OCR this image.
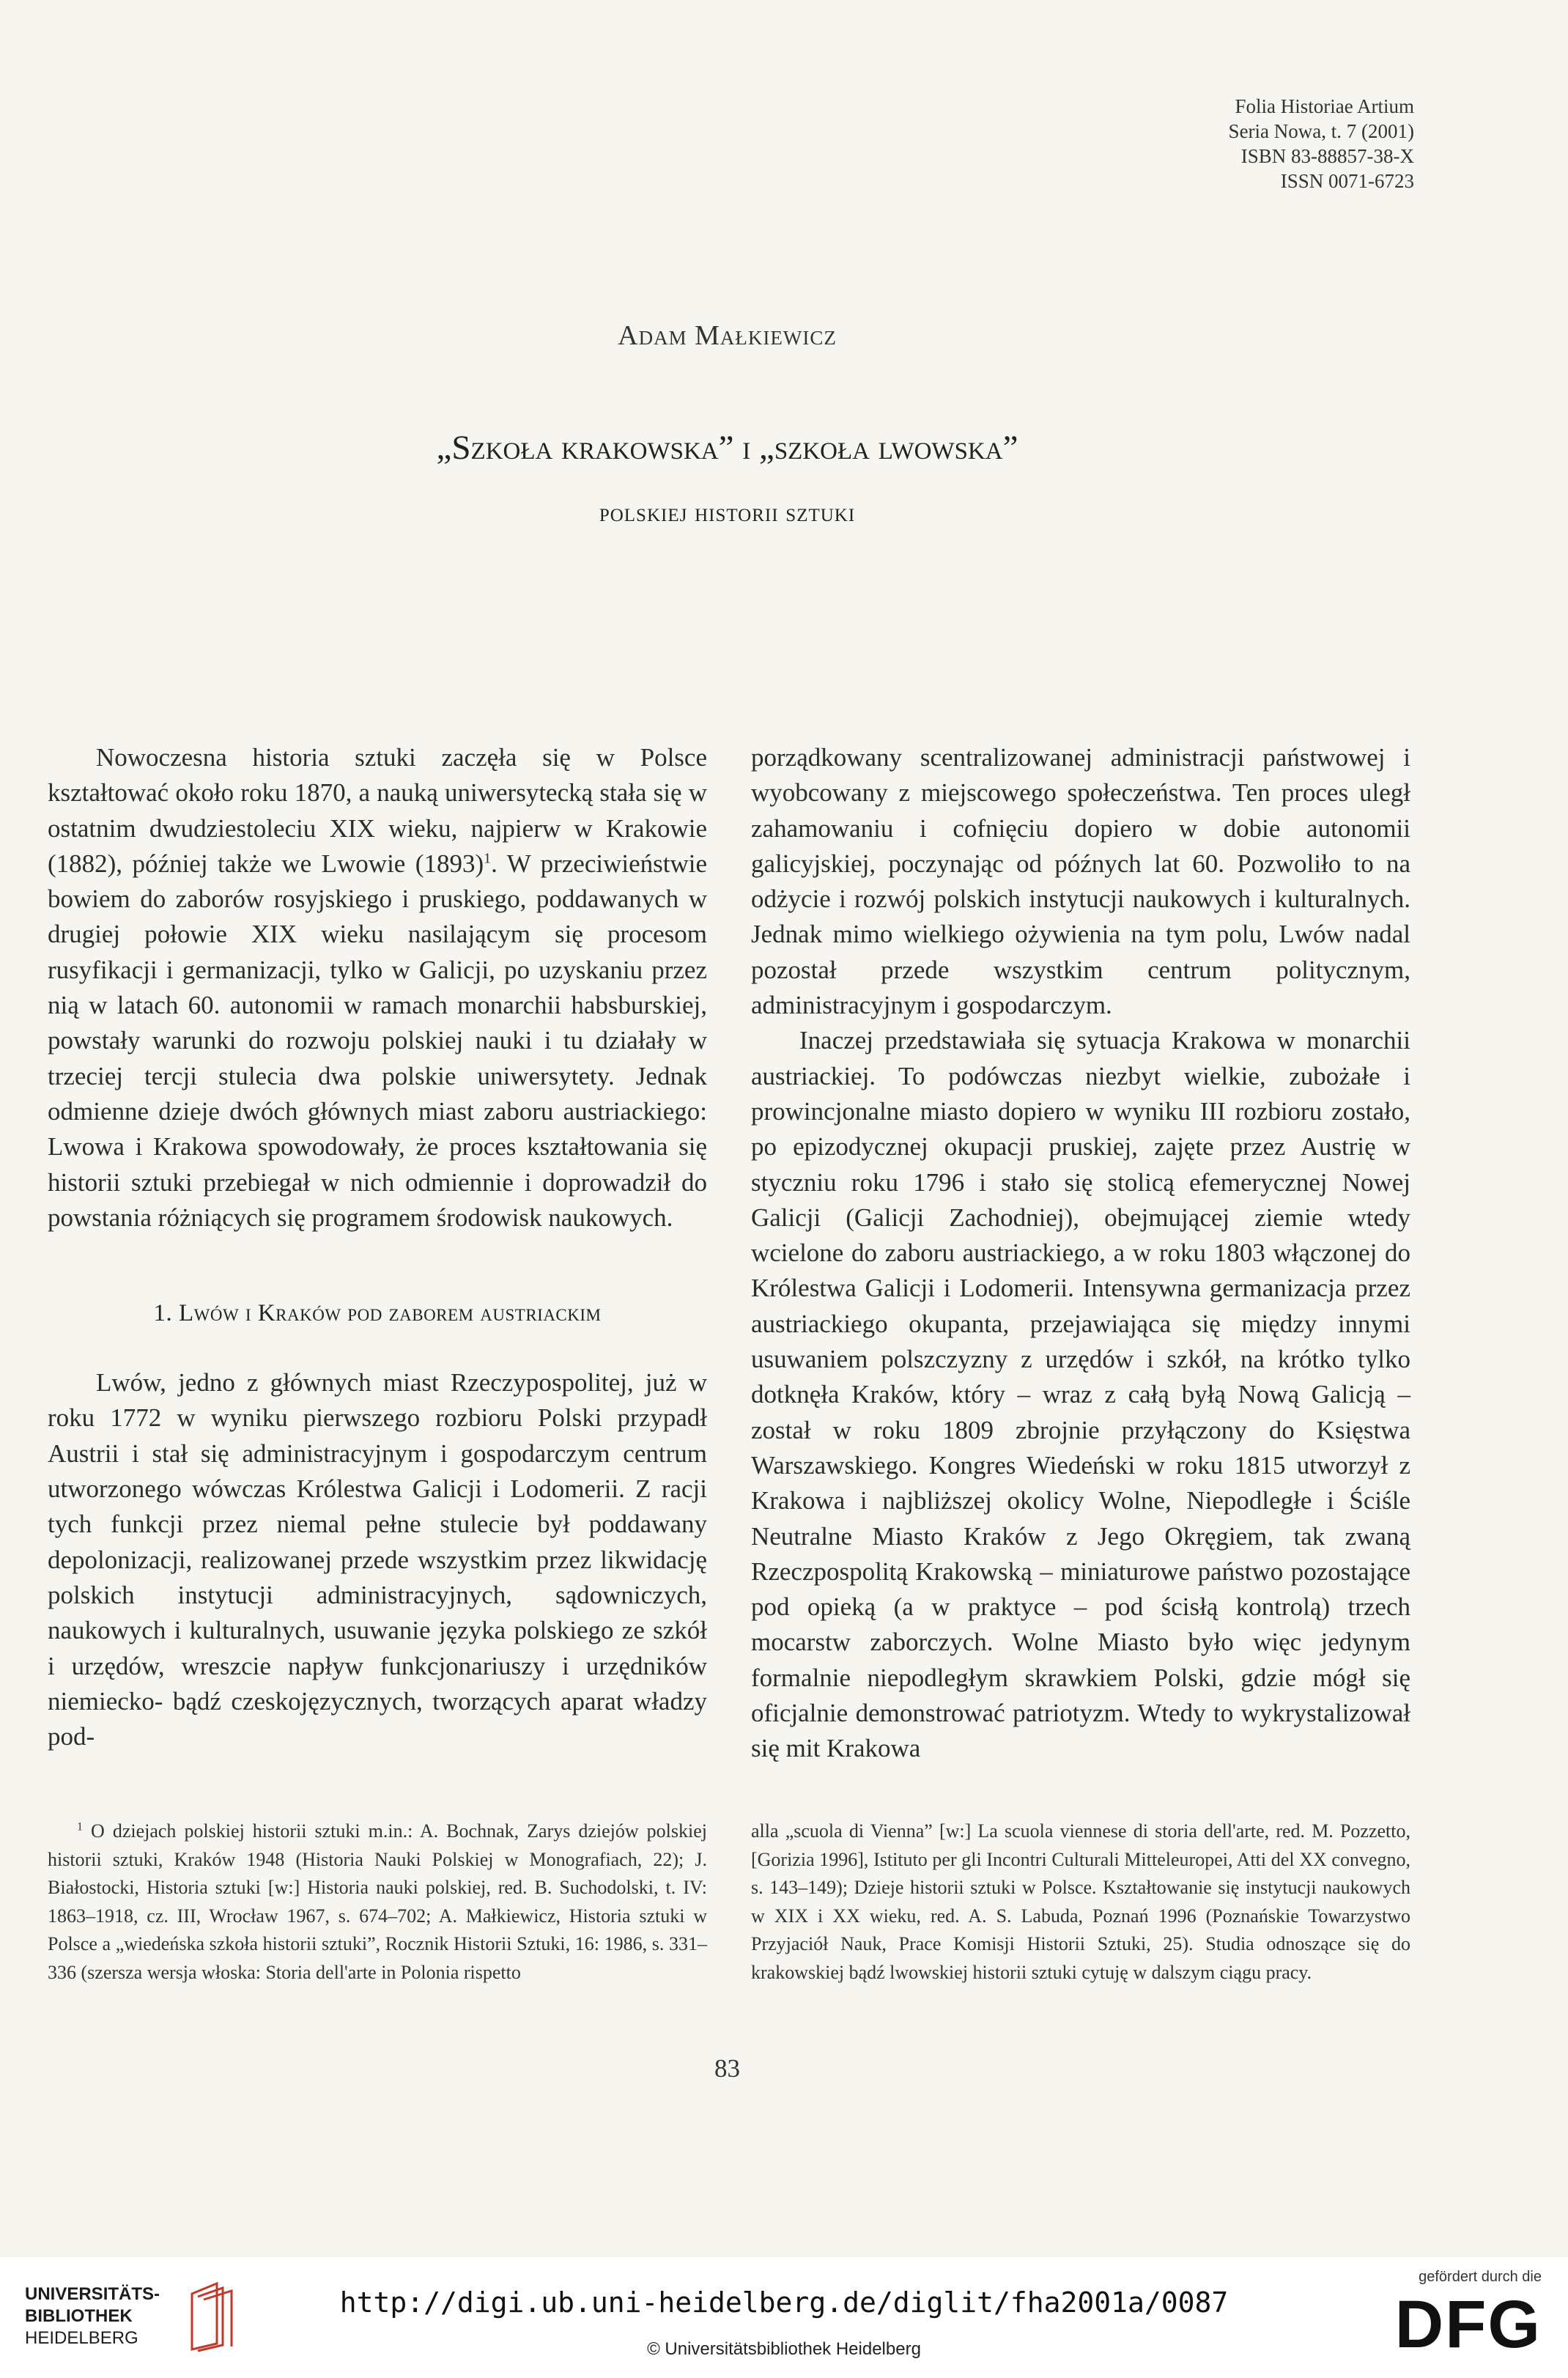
Folia Historiae Artium
Seria Nowa, t. 7 (2001)
ISBN 83-88857-38-X
ISSN 0071-6723
Adam Małkiewicz
„Szkoła krakowska” i „szkoła lwowska”
polskiej historii sztuki

Nowoczesna historia sztuki zaczęła się w Polsce kształtować około roku 1870, a nauką uniwersytecką stała się w ostatnim dwudziestoleciu XIX wieku, najpierw w Krakowie (1882), później także we Lwowie $(1893)^1$. W przeciwieństwie bowiem do zaborów rosyjskiego i pruskiego, poddawanych w drugiej połowie XIX wieku nasilającym się procesom rusyfikacji i germanizacji, tylko w Galicji, po uzyskaniu przez nią w latach 60. autonomii w ramach monarchii habsburskiej, powstały warunki do rozwoju polskiej nauki i tu działały w trzeciej tercji stulecia dwa polskie uniwersytety. Jednak odmienne dzieje dwóch głównych miast zaboru austriackiego: Lwowa i Krakowa spowodowały, że proces kształtowania się historii sztuki przebiegał w nich odmiennie i doprowadził do powstania różniących się programem środowisk naukowych.

1. Lwów i Kraków pod zaborem austriackim

Lwów, jedno z głównych miast Rzeczypospolitej, już w roku 1772 w wyniku pierwszego rozbioru Polski przypadł Austrii i stał się administracyjnym i gospodarczym centrum utworzonego wówczas Królestwa Galicji i Lodomerii. Z racji tych funkcji przez niemal pełne stulecie był poddawany depolonizacji, realizowanej przede wszystkim przez likwidację polskich instytucji administracyjnych, sądowniczych, naukowych i kulturalnych, usuwanie języka polskiego ze szkół i urzędów, wreszcie napływ funkcjonariuszy i urzędników niemiecko- bądź czeskojęzycznych, tworzących aparat władzy pod-

porządkowany scentralizowanej administracji państwowej i wyobcowany z miejscowego społeczeństwa. Ten proces uległ zahamowaniu i cofnięciu dopiero w dobie autonomii galicyjskiej, poczynając od późnych lat 60. Pozwoliło to na odżycie i rozwój polskich instytucji naukowych i kulturalnych. Jednak mimo wielkiego ożywienia na tym polu, Lwów nadal pozostał przede wszystkim centrum politycznym, administracyjnym i gospodarczym.

Inaczej przedstawiała się sytuacja Krakowa w monarchii austriackiej. To podówczas niezbyt wielkie, zubożałe i prowincjonalne miasto dopiero w wyniku III rozbioru zostało, po epizodycznej okupacji pruskiej, zajęte przez Austrię w styczniu roku 1796 i stało się stolicą efemerycznej Nowej Galicji (Galicji Zachodniej), obejmującej ziemie wtedy wcielone do zaboru austriackiego, a w roku 1803 włączonej do Królestwa Galicji i Lodomerii. Intensywna germanizacja przez austriackiego okupanta, przejawiająca się między innymi usuwaniem polszczyzny z urzędów i szkół, na krótko tylko dotknęła Kraków, który – wraz z całą byłą Nową Galicją – został w roku 1809 zbrojnie przyłączony do Księstwa Warszawskiego. Kongres Wiedeński w roku 1815 utworzył z Krakowa i najbliższej okolicy Wolne, Niepodległe i Ściśle Neutralne Miasto Kraków z Jego Okręgiem, tak zwaną Rzeczpospolitą Krakowską – miniaturowe państwo pozostające pod opieką (a w praktyce – pod ścisłą kontrolą) trzech mocarstw zaborczych. Wolne Miasto było więc jedynym formalnie niepodległym skrawkiem Polski, gdzie mógł się oficjalnie demonstrować patriotyzm. Wtedy to wykrystalizował się mit Krakowa

$^1$ O dziejach polskiej historii sztuki m.in.: A. Bochnak, Zarys dziejów polskiej historii sztuki, Kraków 1948 (Historia Nauki Polskiej w Monografiach, 22); J. Białostocki, Historia sztuki [w:] Historia nauki polskiej, red. B. Suchodolski, t. IV: 1863–1918, cz. III, Wrocław 1967, s. 674–702; A. Małkiewicz, Historia sztuki w Polsce a „wiedeńska szkoła historii sztuki”, Rocznik Historii Sztuki, 16: 1986, s. 331–336 (szersza wersja włoska: Storia dell'arte in Polonia rispetto

alla „scuola di Vienna” [w:] La scuola viennese di storia dell'arte, red. M. Pozzetto, [Gorizia 1996], Istituto per gli Incontri Culturali Mitteleuropei, Atti del XX convegno, s. 143–149); Dzieje historii sztuki w Polsce. Kształtowanie się instytucji naukowych w XIX i XX wieku, red. A. S. Labuda, Poznań 1996 (Poznańskie Towarzystwo Przyjaciół Nauk, Prace Komisji Historii Sztuki, 25). Studia odnoszące się do krakowskiej bądź lwowskiej historii sztuki cytuję w dalszym ciągu pracy.

83
UNIVERSITÄTS-
BIBLIOTHEK
HEIDELBERG
http://digi.ub.uni-heidelberg.de/diglit/fha2001a/0087
© Universitätsbibliothek Heidelberg
gefördert durch die
DFG
